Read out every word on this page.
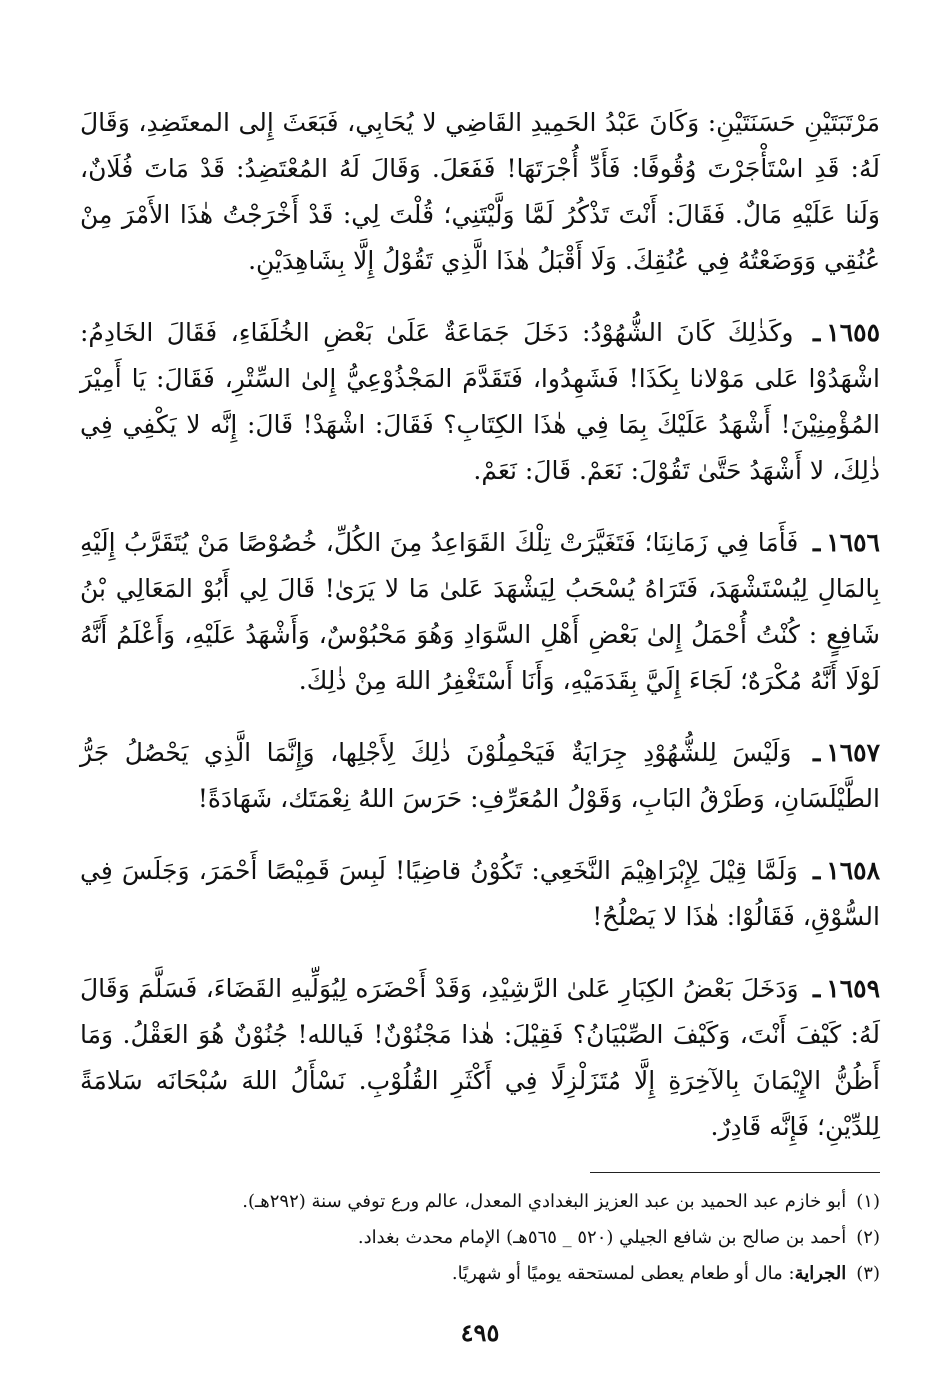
مَرْتَبَتَيْنِ حَسَنَتَيْنِ: وَكَانَ عَبْدُ الحَمِيدِ القَاضِي لا يُحَابِي، فَبَعَثَ إِلى المعتَضِدِ، وَقَالَ لَهُ: قَدِ اسْتَأْجَرْتَ وُقُوفًا: فَأَدِّ أُجْرَتَهَا! فَفَعَلَ. وَقَالَ لَهُ المُعْتَضِدُ: قَدْ مَاتَ فُلَانٌ، وَلَنا عَلَيْهِ مَالٌ. فَقَالَ: أَنْتَ تَذْكُرُ لَمَّا وَلَّيْتَنِي؛ قُلْتَ لِي: قَدْ أَخْرَجْتُ هٰذَا الأَمْرَ مِنْ عُنُقِي وَوَضَعْتُهُ فِي عُنُقِكَ. وَلَا أَقْبَلُ هٰذَا الَّذِي تَقُوْلُ إِلَّا بِشَاهِدَيْنِ.

١٦٥٥ـ وكَذٰلِكَ كَانَ الشُّهُوْدُ: دَخَلَ جَمَاعَةٌ عَلَىٰ بَعْضِ الخُلَفَاءِ، فَقَالَ الخَادِمُ: اشْهَدُوْا عَلى مَوْلانا بِكَذَا! فَشَهِدُوا، فَتَقَدَّمَ المَجْذُوْعِيُّ إِلىٰ السِّتْرِ، فَقَالَ: يَا أَمِيْرَ المُؤْمِنِيْنَ! أَشْهَدُ عَلَيْكَ بِمَا فِي هٰذَا الكِتَابِ؟ فَقَالَ: اشْهَدْ! قَالَ: إِنَّه لا يَكْفِي فِي ذٰلِكَ، لا أَشْهَدُ حَتَّىٰ تَقُوْلَ: نَعَمْ. قَالَ: نَعَمْ.

١٦٥٦ـ فَأَمَا فِي زَمَانِنَا؛ فَتَغَيَّرَتْ تِلْكَ القَوَاعِدُ مِنَ الكُلِّ، خُصُوْصًا مَنْ يُتَقَرَّبُ إِلَيْهِ بِالمَالِ لِيُسْتَشْهَدَ، فَتَرَاهُ يُسْحَبُ لِيَشْهَدَ عَلىٰ مَا لا يَرَىٰ! قَالَ لِي أَبُوْ المَعَالِي بْنُ شَافِعٍ : كُنْتُ أُحْمَلُ إِلىٰ بَعْضِ أَهْلِ السَّوَادِ وَهُوَ مَحْبُوْسٌ، وَأَشْهَدُ عَلَيْهِ، وَأَعْلَمُ أَنَّهُ لَوْلَا أَنَّهُ مُكْرَهٌ؛ لَجَاءَ إِلَيَّ بِقَدَمَيْهِ، وَأَنَا أَسْتَغْفِرُ اللهَ مِنْ ذٰلِكَ.

١٦٥٧ـ وَلَيْسَ لِلشُّهُوْدِ جِرَايَةٌ فَيَحْمِلُوْنَ ذٰلِكَ لِأَجْلِها، وَإِنَّمَا الَّذِي يَحْصُلُ جَرُّ الطَّيْلَسَانِ، وَطَرْقُ البَابِ، وَقَوْلُ المُعَرِّفِ: حَرَسَ اللهُ نِعْمَتَك، شَهَادَةً!

١٦٥٨ـ وَلَمَّا قِيْلَ لِإِبْرَاهِيْمَ النَّخَعِي: تَكُوْنُ قاضِيًا! لَبِسَ قَمِيْصًا أَحْمَرَ، وَجَلَسَ فِي السُّوْقِ، فَقَالُوْا: هٰذَا لا يَصْلُحُ!

١٦٥٩ـ وَدَخَلَ بَعْضُ الكِبَارِ عَلىٰ الرَّشِيْدِ، وَقَدْ أَحْضَرَه لِيُوَلِّيهِ القَضَاءَ، فَسَلَّمَ وَقَالَ لَهُ: كَيْفَ أَنْتَ، وَكَيْفَ الصِّبْيَانُ؟ فَقِيْلَ: هٰذا مَجْنُوْنٌ! فَيالله! جُنُوْنٌ هُوَ العَقْلُ. وَمَا أَظُنُّ الإِيْمَانَ بِالآخِرَةِ إِلَّا مُتَزَلْزِلًا فِي أَكْثَرِ القُلُوْبِ. نَسْأَلُ اللهَ سُبْحَانَه سَلامَةً لِلدِّيْنِ؛ فَإِنَّه قَادِرٌ.

(١)أبو خازم عبد الحميد بن عبد العزيز البغدادي المعدل، عالم ورع توفي سنة (٢٩٢هـ).

(٢)أحمد بن صالح بن شافع الجيلي (٥٢٠ _ ٥٦٥هـ) الإمام محدث بغداد.

(٣)الجراية: مال أو طعام يعطى لمستحقه يوميًا أو شهريًا.

٤٩٥
